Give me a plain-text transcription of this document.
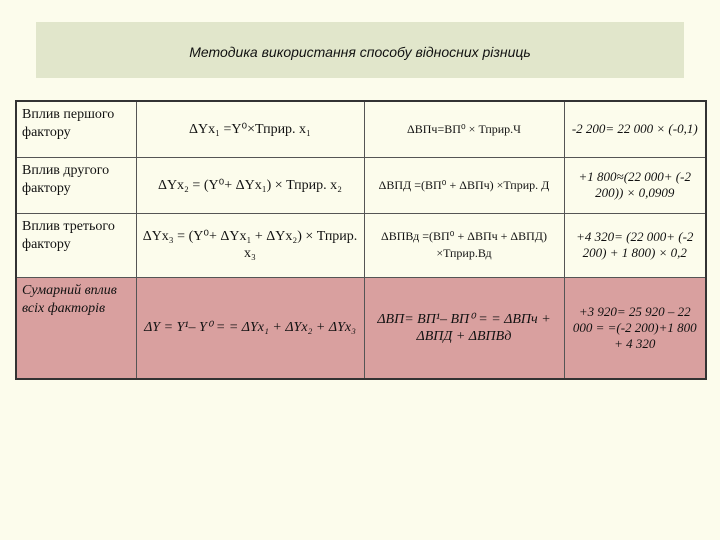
Методика використання способу відносних різниць
Вплив першого фактору	ΔYx₁ =Y⁰×Тприр. x₁	ΔВПч=ВП⁰ × Тприр.Ч	-2 200= 22 000 × (-0,1)
Вплив другого фактору	ΔYx₂ = (Y⁰+ ΔYx₁) × Тприр. x₂	ΔВПД =(ВП⁰ + ΔВПч) ×Тприр. Д	+1 800≈(22 000+ (-2 200)) × 0,0909
Вплив третього фактору	ΔYx₃ = (Y⁰+ ΔYx₁ + ΔYx₂) × Тприр. x₃	ΔВПВд =(ВП⁰ + ΔВПч + ΔВПД) ×Тприр.Вд	+4 320= (22 000+ (-2 200) + 1 800) × 0,2
Сумарний вплив всіх факторів	ΔY = Y¹– Y⁰ = = ΔYx₁ + ΔYx₂ + ΔYx₃	ΔВП= ВП¹– ВП⁰ = = ΔВПч + ΔВПД + ΔВПВд	+3 920= 25 920 – 22 000 = =(-2 200)+1 800 + 4 320
